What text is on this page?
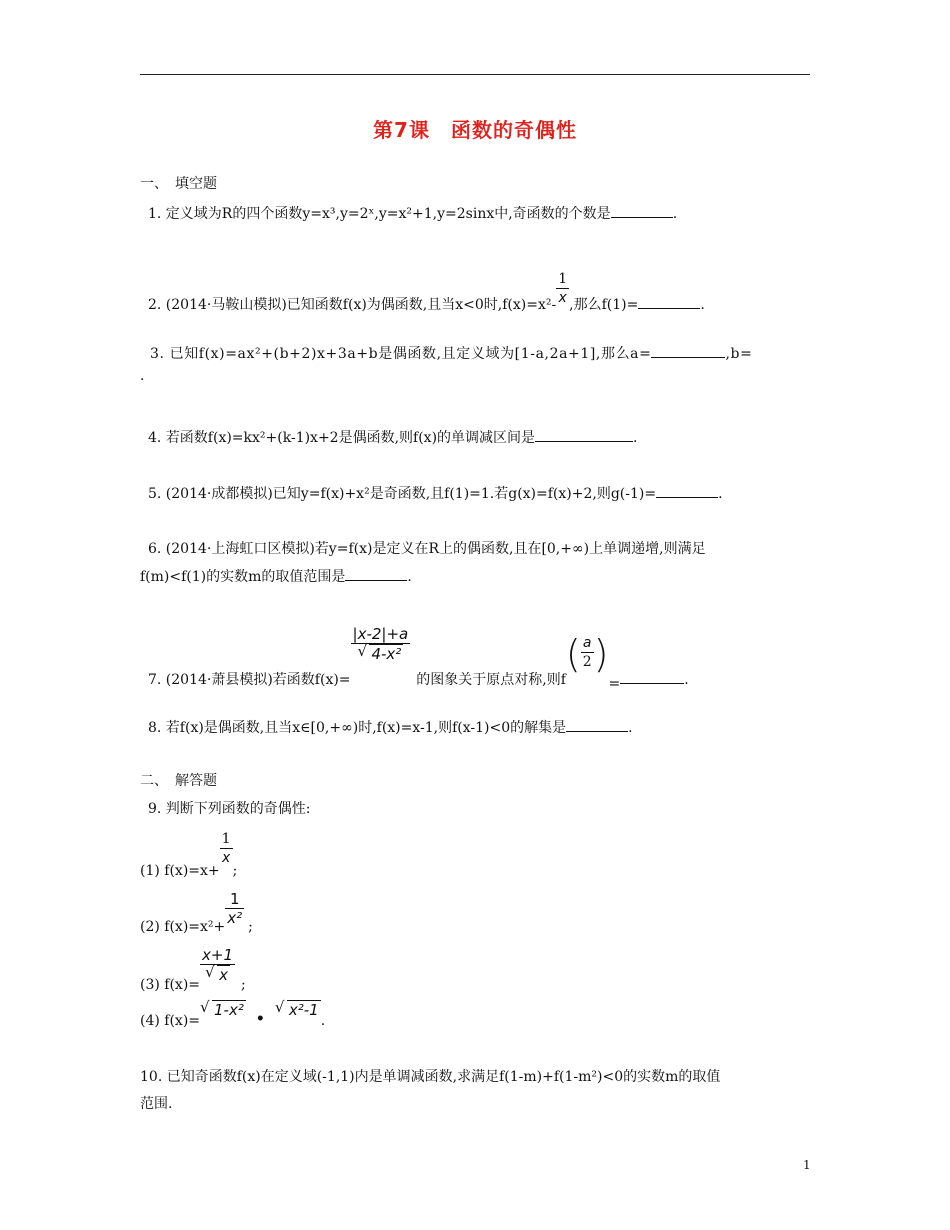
第7课　函数的奇偶性
一、　填空题
1. 定义域为R的四个函数y=x³,y=2ˣ,y=x²+1,y=2sinx中,奇函数的个数是	.
2. (2014·马鞍山模拟)已知函数f(x)为偶函数,且当x<0时$,f(x)=x^2- \frac{1}{x}$ ,那么f(1)=	.
3. 已知f(x)=ax²+(b+2)x+3a+b是偶函数,且定义域为[1-a,2a+1],那么a=	,b=
.
4. 若函数f(x)=kx²+(k-1)x+2是偶函数,则f(x)的单调减区间是	.
5. (2014·成都模拟)已知y=f(x)+x²是奇函数,且f(1)=1.若g(x)=f(x)+2,则g(-1)=	.
6. (2014·上海虹口区模拟)若y=f(x)是定义在R上的偶函数,且在[0,+∞)上单调递增,则满足
f(m)<f(1)的实数m的取值范围是	.
7. (2014·萧县模拟)若函数f(x)=
$\frac{|x-2|+a}{\text{√ 4-x²}}$
的图象关于原点对称,则$f( \frac{a}{2}$ )=	.
8. 若f(x)是偶函数,且当x∈[0,+∞)时,f(x)=x-1,则f(x-1)<0的解集是	.
二、　解答题
9. 判断下列函数的奇偶性:
(1) f(x)=x+
$\frac{1}{x}$
;
(2) $f(x)=x^2+ \frac{1}{\text{x²}}$ ;
(3) f(x)=
$\frac{x+1}{√ x}$
;
(4) f(x)=
√ 1-x² •
√ x²-1.
10. 已知奇函数f(x)在定义域(-1,1)内是单调减函数,求满足f(1-m)+f(1-m²)<0的实数m的取值
范围.
1
